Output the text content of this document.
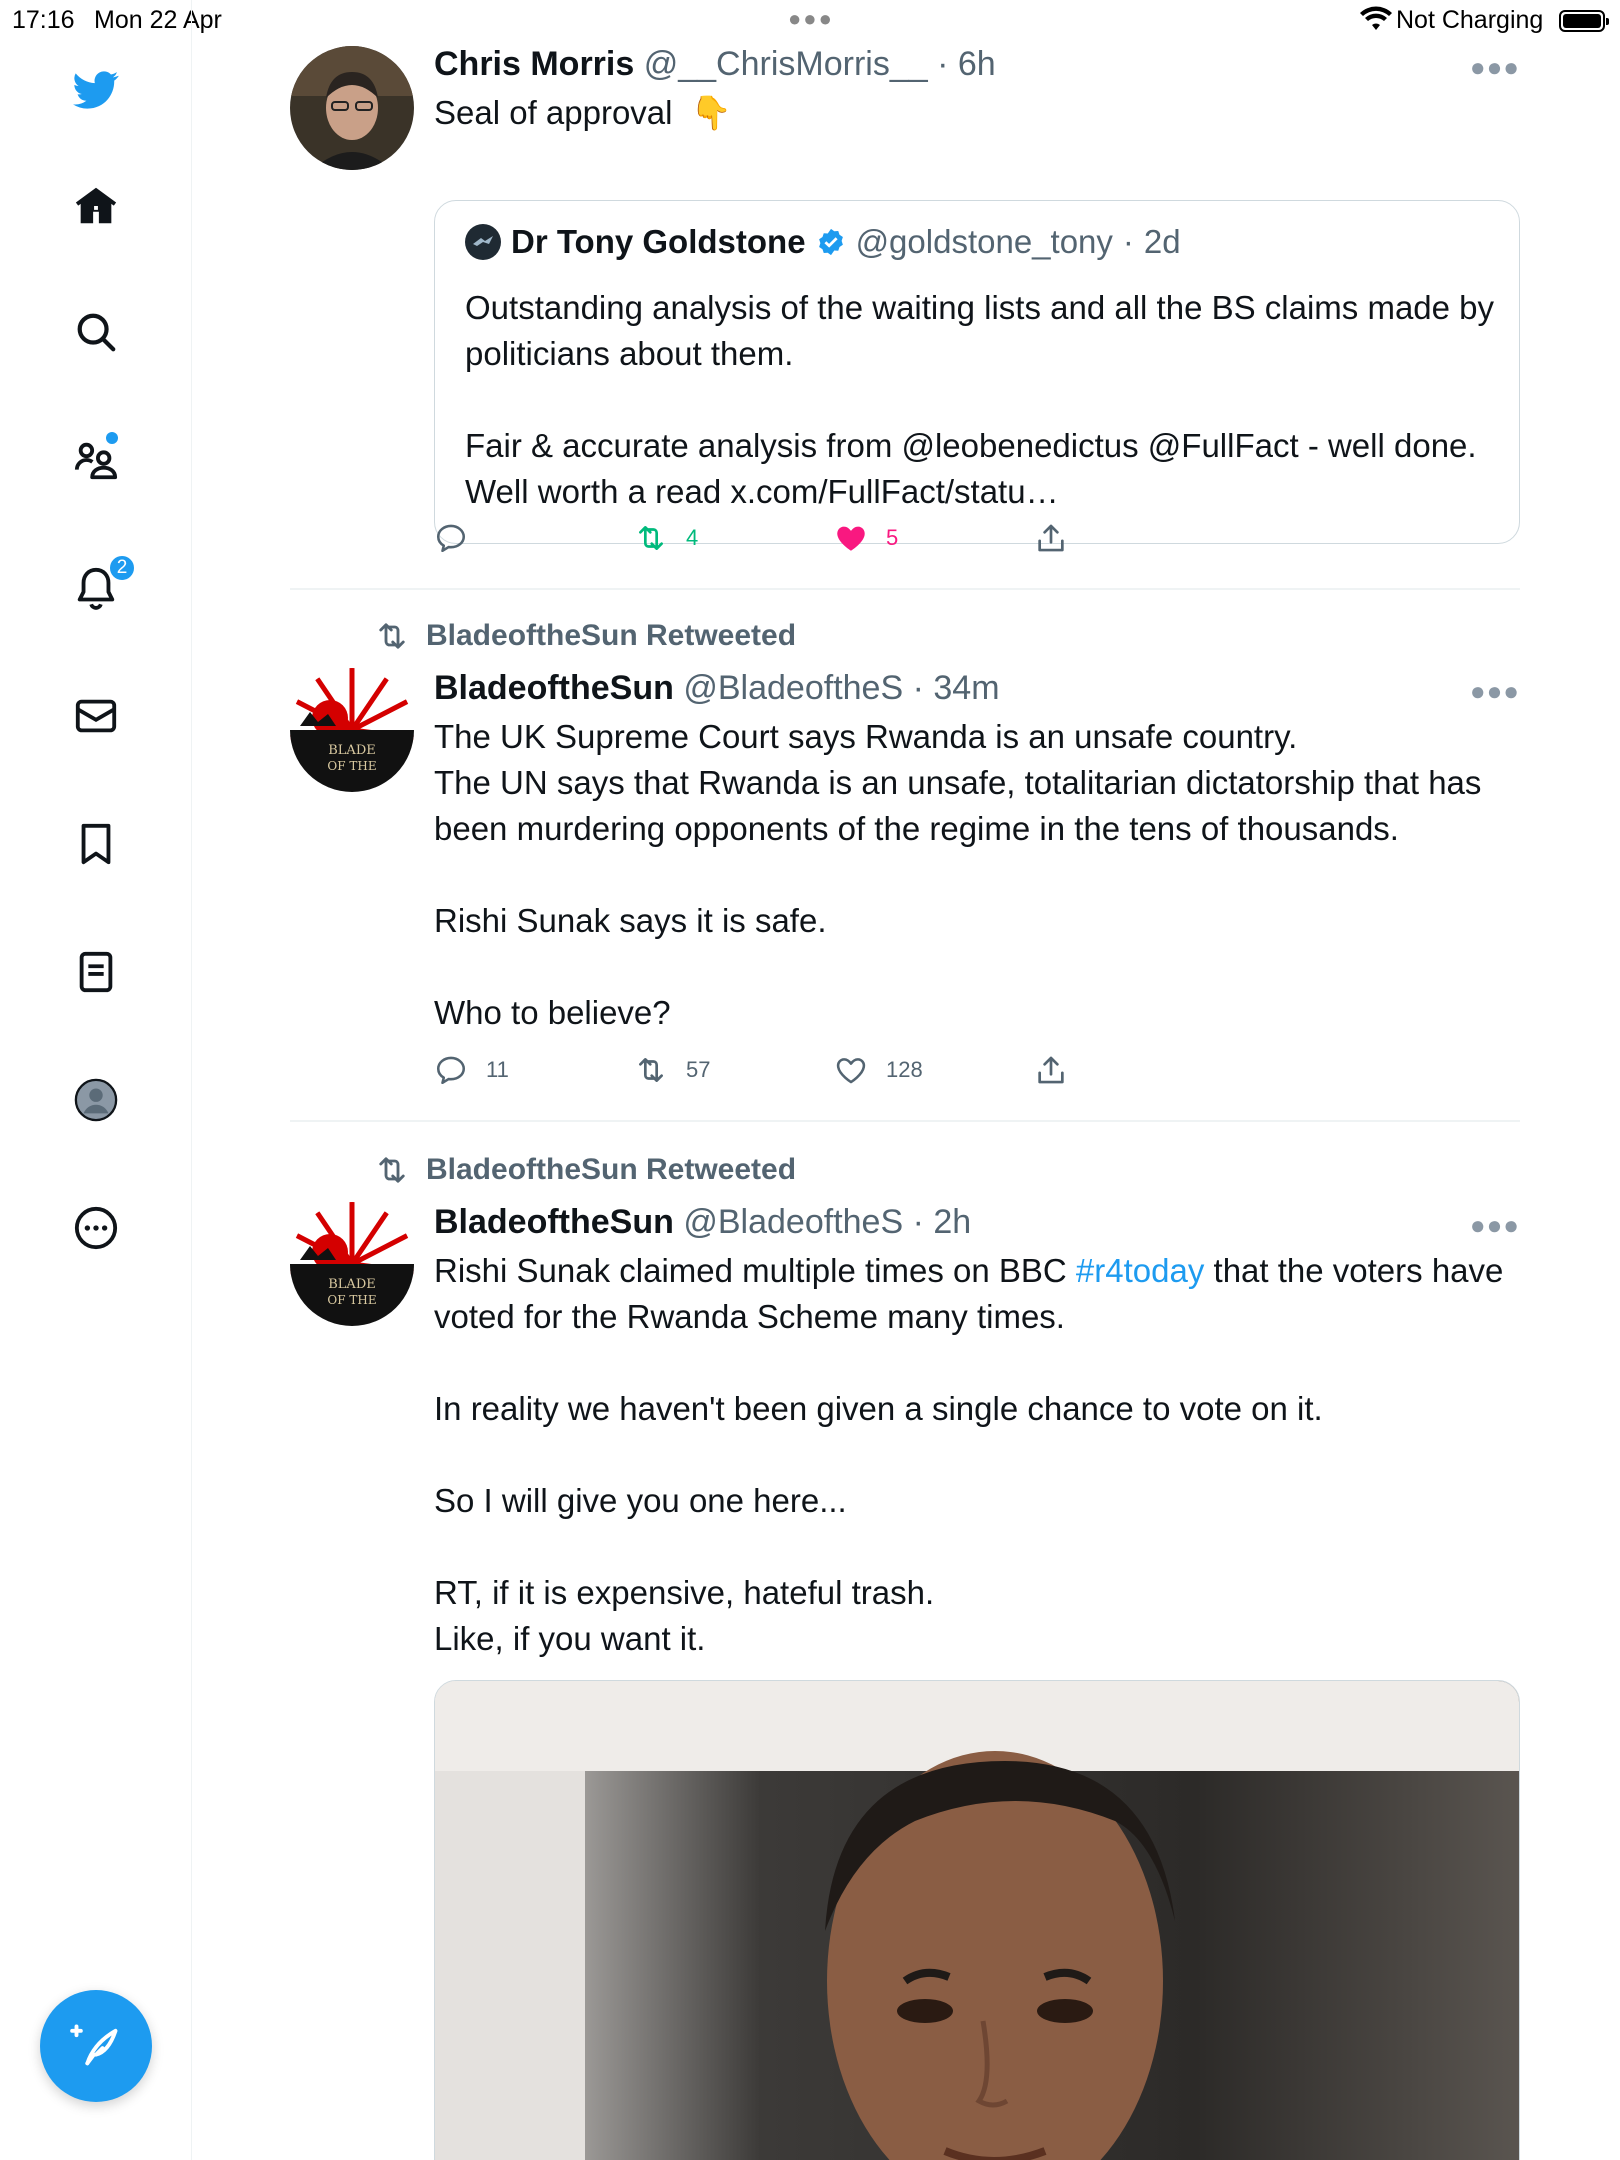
17:16 Mon 22 Apr	●●●	Not Charging
2
Chris Morris @__ChrisMorris__ · 6h	●●●
Seal of approval  👇
Dr Tony Goldstone @goldstone_tony · 2d
Outstanding analysis of the waiting lists and all the BS claims made by politicians about them.

Fair & accurate analysis from @leobenedictus @FullFact - well done. Well worth a read x.com/FullFact/statu…
4	5
BladeoftheSun Retweeted
BLADE
OF THE
BladeoftheSun @BladeoftheS · 34m	●●●
The UK Supreme Court says Rwanda is an unsafe country.
The UN says that Rwanda is an unsafe, totalitarian dictatorship that has been murdering opponents of the regime in the tens of thousands.

Rishi Sunak says it is safe.

Who to believe?
11	57	128
BladeoftheSun Retweeted
BLADE
OF THE
BladeoftheSun @BladeoftheS · 2h	●●●
Rishi Sunak claimed multiple times on BBC #r4today that the voters have voted for the Rwanda Scheme many times.

In reality we haven't been given a single chance to vote on it.

So I will give you one here...

RT, if it is expensive, hateful trash.
Like, if you want it.
